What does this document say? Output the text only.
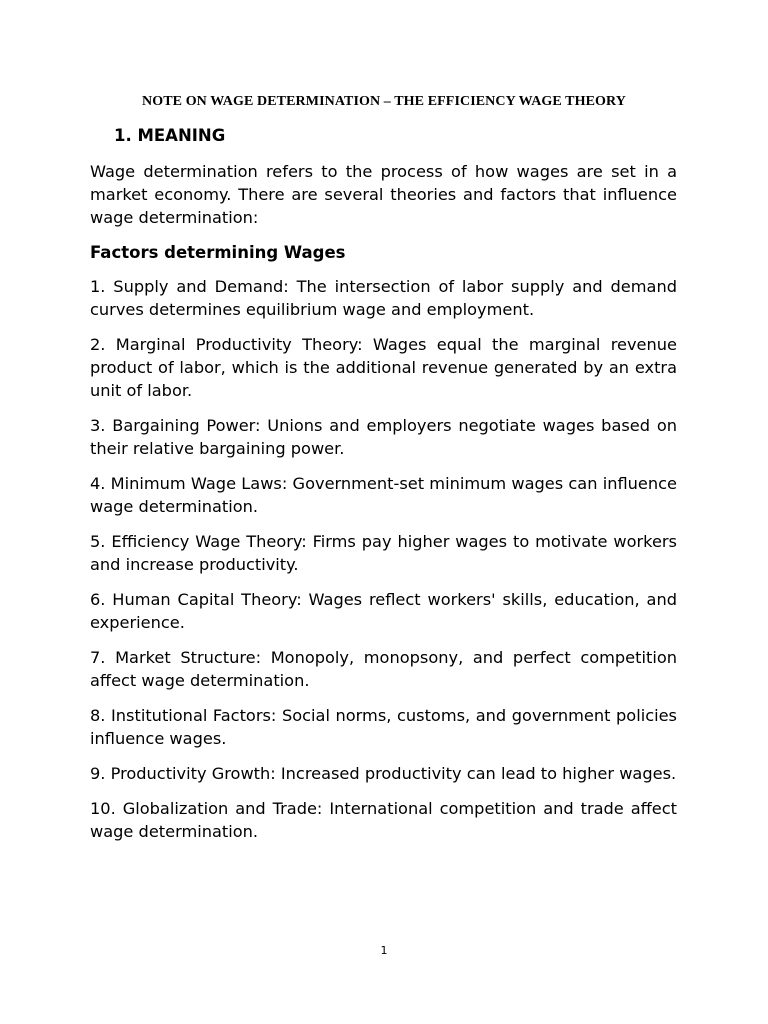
NOTE ON WAGE DETERMINATION – THE EFFICIENCY WAGE THEORY
1. MEANING

Wage determination refers to the process of how wages are set in a market economy. There are several theories and factors that influence wage determination:

Factors determining Wages

1. Supply and Demand: The intersection of labor supply and demand curves determines equilibrium wage and employment.

2. Marginal Productivity Theory: Wages equal the marginal revenue product of labor, which is the additional revenue generated by an extra unit of labor.

3. Bargaining Power: Unions and employers negotiate wages based on their relative bargaining power.

4. Minimum Wage Laws: Government-set minimum wages can influence wage determination.

5. Efficiency Wage Theory: Firms pay higher wages to motivate workers and increase productivity.

6. Human Capital Theory: Wages reflect workers' skills, education, and experience.

7. Market Structure: Monopoly, monopsony, and perfect competition affect wage determination.

8. Institutional Factors: Social norms, customs, and government policies influence wages.

9. Productivity Growth: Increased productivity can lead to higher wages.

10. Globalization and Trade: International competition and trade affect wage determination.

1
